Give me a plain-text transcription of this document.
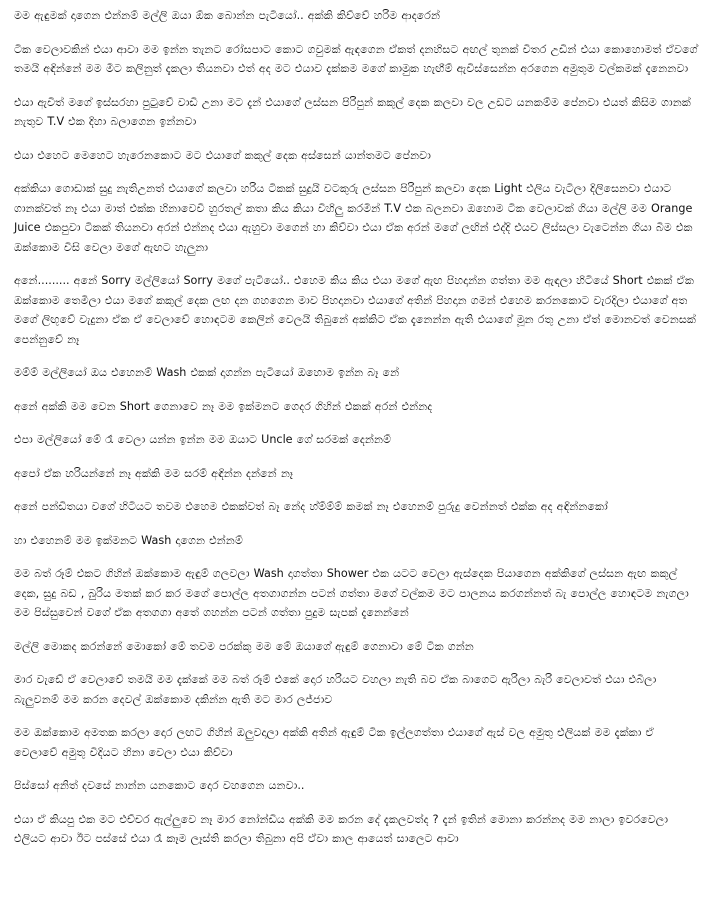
මම ඇඳුමක් දාගෙන එන්නම් මල්ලි ඔයා ඕක බොන්න පැටියෝ.. අක්කි කිව්වේ හරිම ආදරෙන්

ටික වෙලාවකින් එයා ආවා මම ඉන්න තැනට රෝසපාට කොට ගවුමක් ඇඳගෙන ඒකත් දනහිසට අඟල් තුනක් විතර උඩින් එයා කොහොමත් ඒවගේ තමයි අඳින්නේ මම මීට කලිනුත් දැකලා තියනවා එත් අද මට එයාව දැක්කම මගේ කාමුක හැඟීම් ඇවිස්සෙන්න අරගෙන අමුතුම වල්කමක් දැනෙනවා

එයා ඇවිත් මගේ ඉස්සරහා පුටුවේ වාඩි උනා මට දැන් එයාගේ ලස්සන පිරිපුන් කකුල් දෙක කලවා වල උඩට යනකම්ම පේනවා එයත් කිසිම ගානක් නැතුව T.V එක දිහා බලාගෙන ඉන්නවා

එයා එහෙට මෙහෙට හැරෙනකොට මට එයාගේ කකුල් දෙක අස්සෙන් යාන්තමට පේනවා

අක්කියා ගොඩාක් සුදු නැතිඋනත් එයාගේ කලවා හරිය ටිකක් සුදුයි වටකුරු ලස්සන පිරිපුන් කලවා දෙක Light එලිය වැටිලා දිලිසෙනවා එයාට ගානක්වත් නෑ එයා මාත් එක්ක හිනාවෙවී හුරතල් කතා කිය කියා විහිලු කරමින් T.V එක බලනවා ඔහොම ටික වෙලාවක් ගියා මල්ලි මම Orange Juice එකපුවා ටිකක් තියනවා අරන් එන්නද එයා ඇහුවා මගෙන් හා කිව්වා එයා ඒක අරන් මගේ ලඟින් එද්දි එයව ලිස්සලා වැටෙන්න ගියා බිම එක ඔක්කොම විසි වෙලා මගේ ඇඟට හැලුනා

අනේ......... අනේ Sorry මල්ලියෝ Sorry මගේ පැටියෝ.. එහෙම කිය කිය එයා මගේ ඇඟ පිහදාන්න ගත්තා මම ඇඳලා හිටියේ Short එකක් ඒක ඔක්කොම තෙමිලා එයා මගේ කකුල් දෙක ලඟ දන ගහගෙන මාව පිහදානවා එයාගේ අතින් පිහදාන ගමන් එහෙම කරනකොට වැරදිලා එයාගේ අත මගේ ලිඟුවේ වැදුනා ඒක ඒ වෙලාවේ හොඳටම කෙලින් වෙලයි තිබුනේ අක්කිට ඒක දැනෙන්න ඇති එයාගේ මූන රතු උනා ඒත් මොනවත් වෙනසක් පෙන්නුවේ නෑ

මම්ම් මල්ලියෝ ඔය එහෙනම් Wash එකක් දාගන්න පැටියෝ ඔහොම ඉන්න බෑ නේ

අනේ අක්කි මම වෙන Short ගෙනාවෙ නෑ මම ඉක්මනට ගෙදර ගිහින් එකක් අරන් එන්නද

එපා මල්ලියෝ මේ රෑ වෙලා යන්න ඉන්න මම ඔයාට Uncle ගේ සරමක් දෙන්නම්

අපෝ ඒක හරියන්නේ නෑ අක්කි මම සරම් අඳින්න දන්නේ නෑ

අනේ පන්ඩිතයා වගේ හිටියට තවම එහෙම එකක්වත් බෑ නේද හ්ම්ම්ම් කමක් නෑ එහෙනම් පුරුදු වෙන්නත් එක්ක අද අඳින්නකෝ

හා එහෙනම් මම ඉක්මනට Wash දාගෙන එන්නම්

මම බත් රූම් එකට ගිහින් ඔක්කොම ඇඳුම් ගලවලා Wash දාගත්තා Shower එක යටට වෙලා ඇස්දෙක පියාගෙන අක්කිගේ ලස්සන ඇඟ කකුල් දෙක, සුදු බඩ , බුරිය මතක් කර කර මගේ පොල්ල අතගාගන්න පටන් ගත්තා මගේ වල්කම මට පාලනය කරගන්නත් බැ පොල්ල හොඳටම නැගලා මම පිස්සුවෙන් වගේ ඒක අතගගා අතේ ගහන්න පටන් ගත්තා පුදුම සැපක් දැනෙන්නේ

මල්ලි මොකද කරන්නේ මොකෝ මේ තවම පරක්කු මම මේ ඔයාගේ ඇඳුම් ගෙනාවා මේ ටික ගන්න

මාර වැඩේ ඒ වෙලාවේ තමයි මම දැක්කේ මම බත් රූම් එකේ දොර හරියට වහලා නැති බව ඒක බාගෙට ඇරිලා බැරි වෙලාවත් එයා එබිලා බැලුවනම් මම කරන දෙවල් ඔක්කොම දකින්න ඇති මට මාර ලජ්ජාව

මම ඔක්කොම අමතක කරලා දොර ලඟට ගිහින් ඔලුවදාලා අක්කි අතින් ඇඳුම් ටික ඉල්ලගත්තා එයාගේ ඇස් වල අමුතු එලියක් මම දැක්කා ඒ වෙලාවේ අමුතු විදියට හිනා වෙලා එයා කිව්වා

පිස්සෝ අනිත් දවසේ නාන්න යනකොට දොර වහගෙන යනවා..

එයා ඒ කියපු එක මට එච්චර ඇල්ලුවෙ නෑ මාර නෝන්ඩිය අක්කි මම කරන දේ දැකලවත්ද ? දැන් ඉතින් මොනා කරන්නද මම නාලා ඉවරවෙලා එලියට ආවා ඊට පස්සේ එයා රෑ කෑම ලෑස්ති කරලා තිබුනා අපි ඒවා කාල ආයෙත් සාලෙට ආවා
